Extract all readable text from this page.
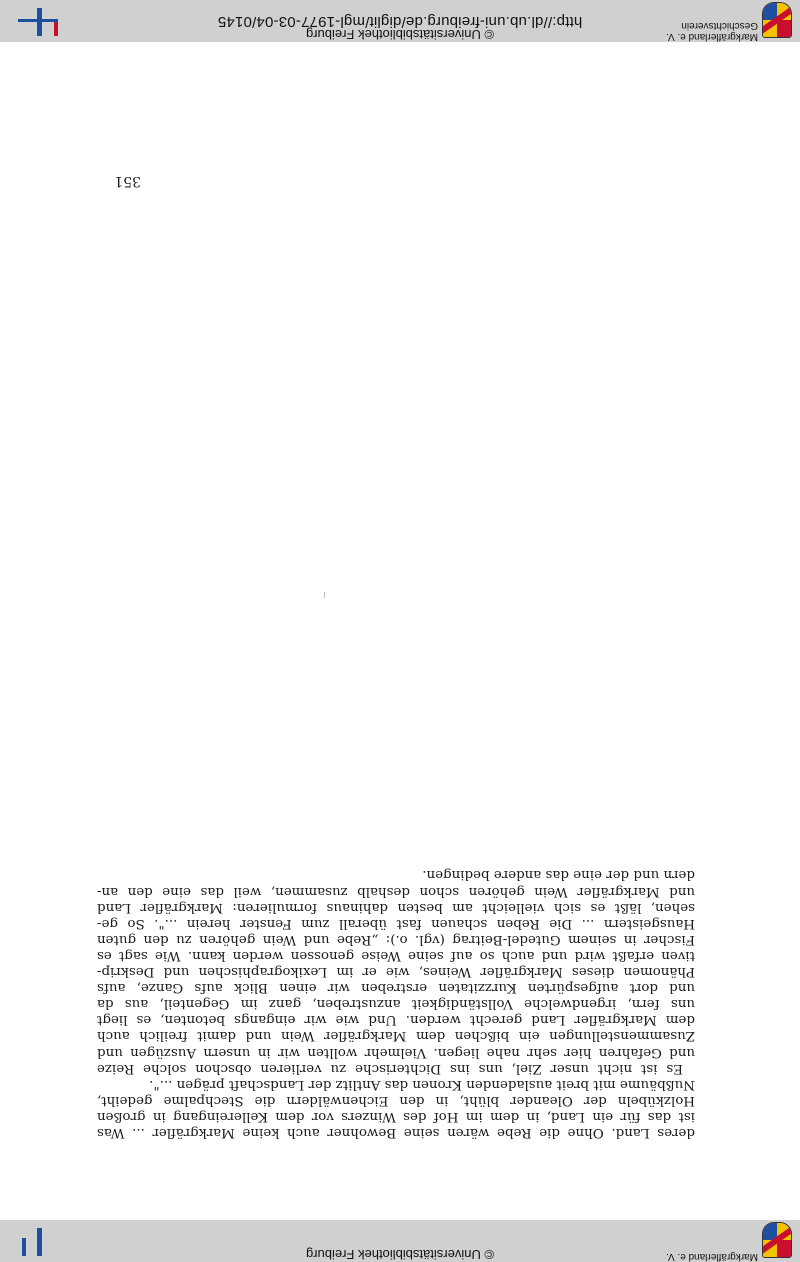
Markgräflerland e. V.
© Universitätsbibliothek Freiburg

deres Land. Ohne die Rebe wären seine Bewohner auch keine Markgräfler ... Was
ist das für ein Land, in dem im Hof des Winzers vor dem Kellereingang in großen
Holzkübeln der Oleander blüht, in den Eichenwäldern die Stechpalme gedeiht,
Nußbäume mit breit ausladenden Kronen das Antlitz der Landschaft prägen ...".

Es ist nicht unser Ziel, uns ins Dichterische zu verlieren obschon solche Reize
und Gefahren hier sehr nahe liegen. Vielmehr wollten wir in unsern Auszügen und
Zusammenstellungen ein bißchen dem Markgräfler Wein und damit freilich auch
dem Markgräfler Land gerecht werden. Und wie wir eingangs betonten, es liegt
uns fern, irgendwelche Vollständigkeit anzustreben, ganz im Gegenteil, aus da
und dort aufgespürten Kurzzitaten erstreben wir einen Blick aufs Ganze, aufs
Phänomen dieses Markgräfler Weines, wie er im Lexikographischen und Deskrip-
tiven erfaßt wird und auch so auf seine Weise genossen werden kann. Wie sagt es
Fischer in seinem Gutedel-Beitrag (vgl. o.): „Rebe und Wein gehören zu den guten
Hausgeistern ... Die Reben schauen fast überall zum Fenster herein ...". So ge-
sehen, läßt es sich vielleicht am besten dahinaus formulieren: Markgräfler Land
und Markgräfler Wein gehören schon deshalb zusammen, weil das eine den an-
dern und der eine das andere bedingen.

351
Markgräflerland e. V.
Geschichtsverein
© Universitätsbibliothek Freiburg
http://dl.ub.uni-freiburg.de/diglit/mgl-1977-03-04/0145
